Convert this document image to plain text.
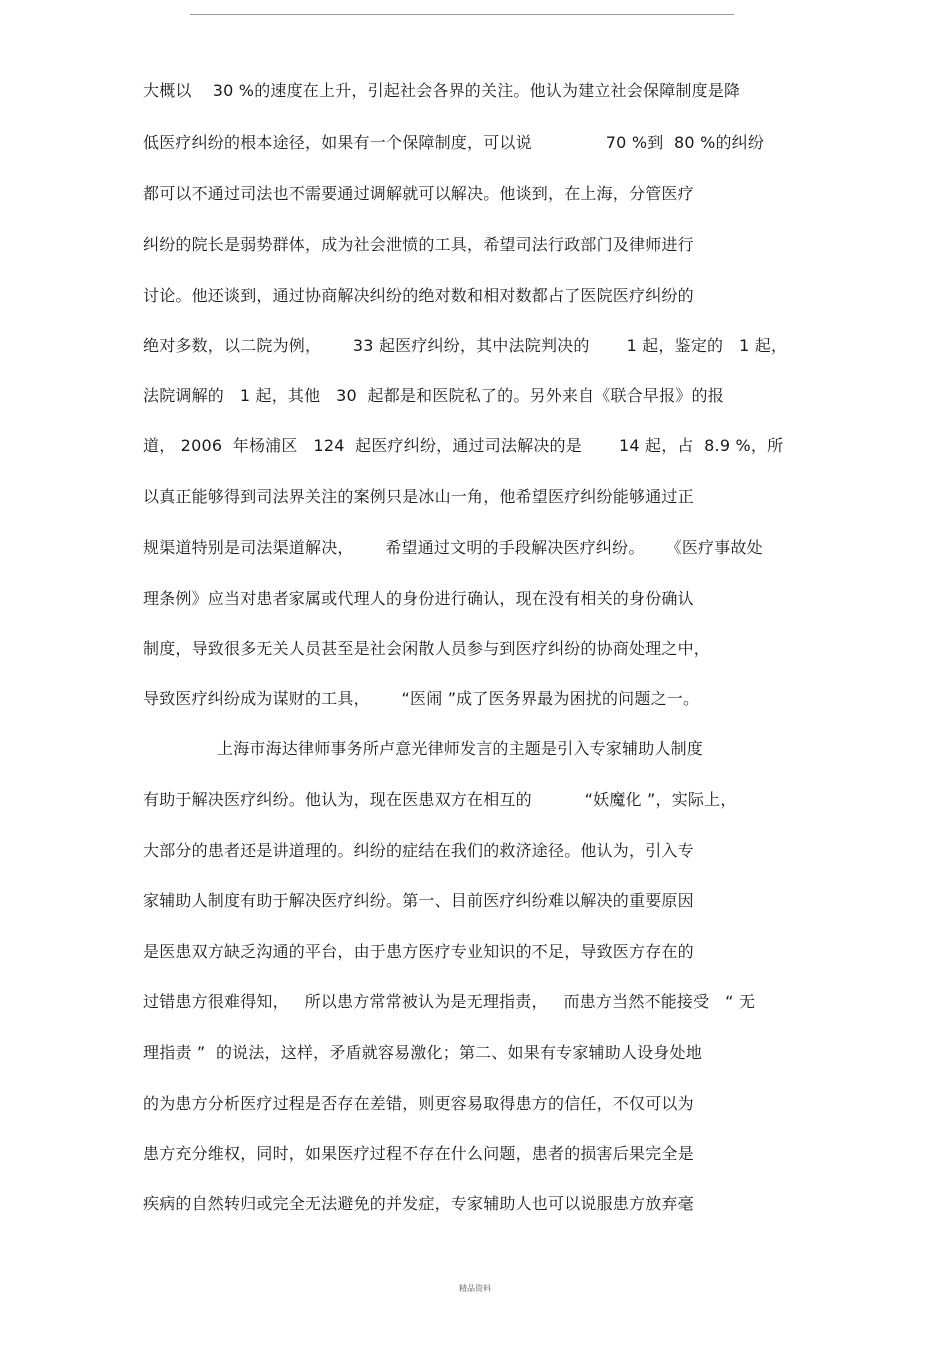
大概以    30 %的速度在上升，引起社会各界的关注。他认为建立社会保障制度是降
低医疗纠纷的根本途径，如果有一个保障制度，可以说              70 %到  80 %的纠纷
都可以不通过司法也不需要通过调解就可以解决。他谈到，在上海，分管医疗
纠纷的院长是弱势群体，成为社会泄愤的工具，希望司法行政部门及律师进行
讨论。他还谈到，通过协商解决纠纷的绝对数和相对数都占了医院医疗纠纷的
绝对多数，以二院为例，      33 起医疗纠纷，其中法院判决的       1 起，鉴定的   1 起，
法院调解的   1 起，其他   30  起都是和医院私了的。另外来自《联合早报》的报
道， 2006  年杨浦区   124  起医疗纠纷，通过司法解决的是       14 起，占  8.9 %，所
以真正能够得到司法界关注的案例只是冰山一角，他希望医疗纠纷能够通过正
规渠道特别是司法渠道解决，      希望通过文明的手段解决医疗纠纷。    《医疗事故处
理条例》应当对患者家属或代理人的身份进行确认，现在没有相关的身份确认
制度，导致很多无关人员甚至是社会闲散人员参与到医疗纠纷的协商处理之中，
导致医疗纠纷成为谋财的工具，      “医闹 ”成了医务界最为困扰的问题之一。
上海市海达律师事务所卢意光律师发言的主题是引入专家辅助人制度
有助于解决医疗纠纷。他认为，现在医患双方在相互的          “妖魔化 ”，实际上，
大部分的患者还是讲道理的。纠纷的症结在我们的救济途径。他认为，引入专
家辅助人制度有助于解决医疗纠纷。第一、目前医疗纠纷难以解决的重要原因
是医患双方缺乏沟通的平台，由于患方医疗专业知识的不足，导致医方存在的
过错患方很难得知，   所以患方常常被认为是无理指责，   而患方当然不能接受   “ 无
理指责 ”  的说法，这样，矛盾就容易激化；第二、如果有专家辅助人设身处地
的为患方分析医疗过程是否存在差错，则更容易取得患方的信任，不仅可以为
患方充分维权，同时，如果医疗过程不存在什么问题，患者的损害后果完全是
疾病的自然转归或完全无法避免的并发症，专家辅助人也可以说服患方放弃毫
精品资料
